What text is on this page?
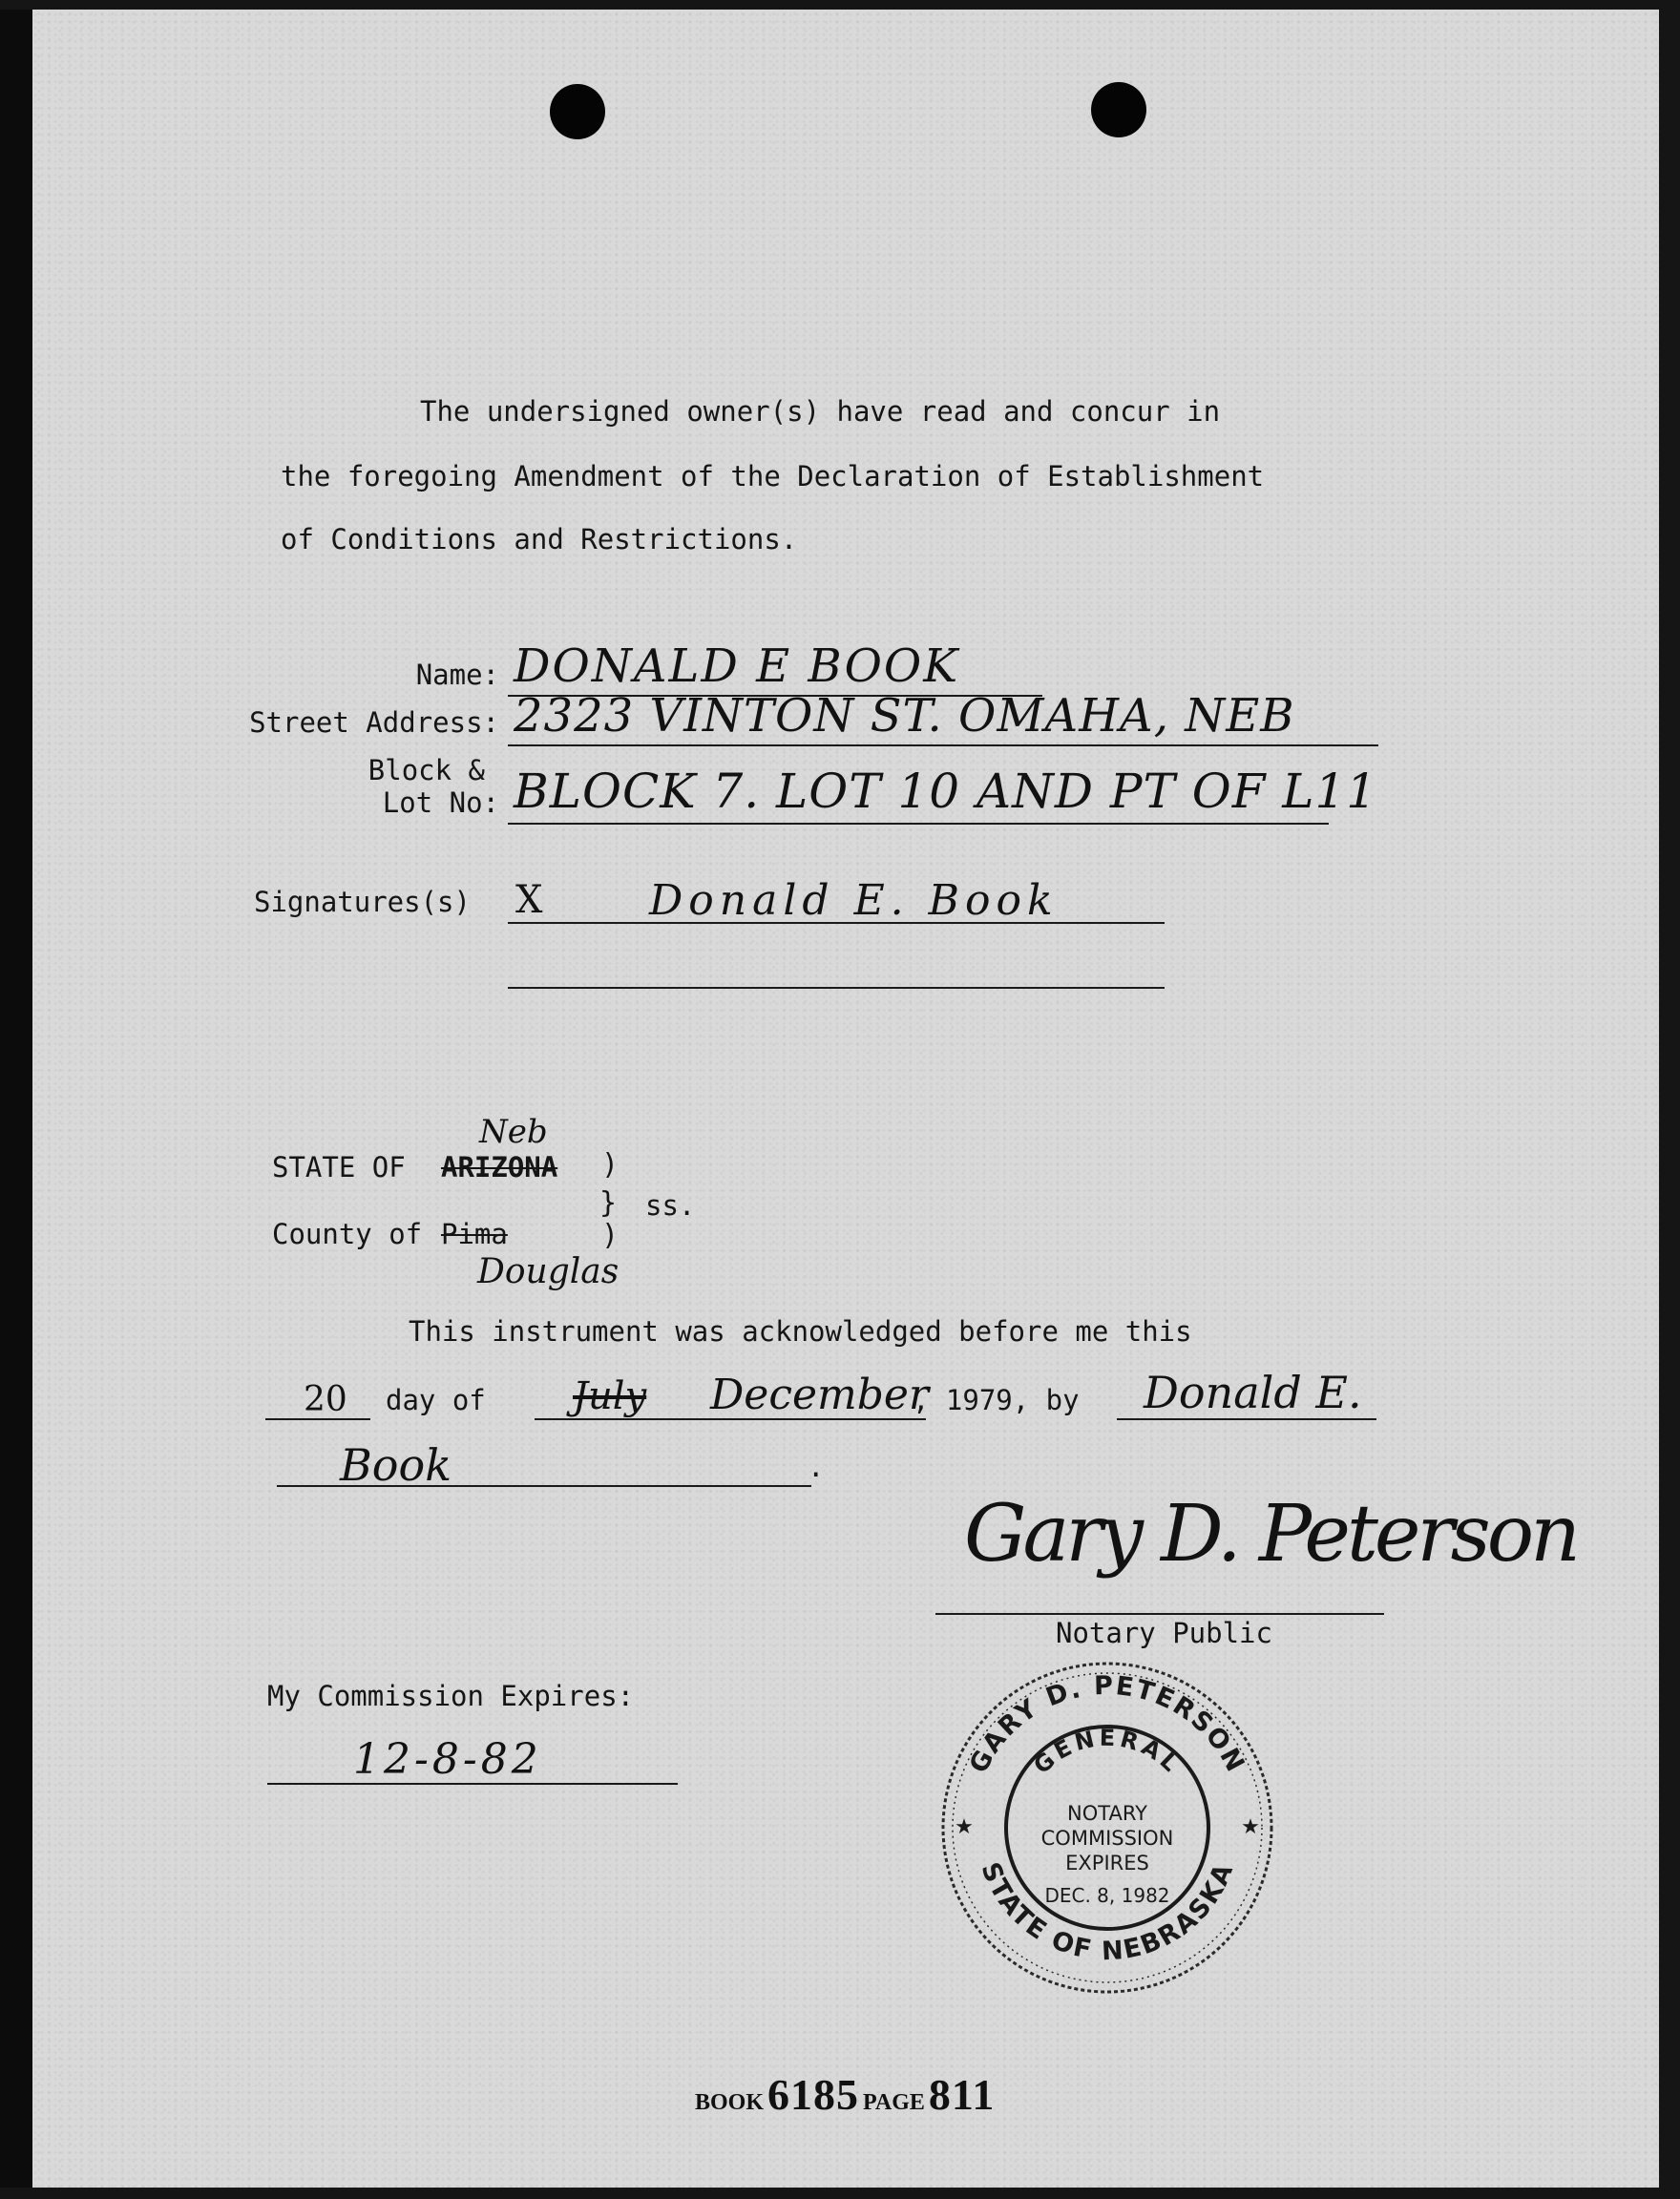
The undersigned owner(s) have read and concur in
the foregoing Amendment of the Declaration of Establishment
of Conditions and Restrictions.
Name: DONALD E BOOK
Street Address: 2323 VINTON ST. OMAHA, NEB
Block &
Lot No: BLOCK 7. LOT 10 AND PT OF L11
Signatures(s) X	Donald E. Book
Neb
STATE OF ARIZONA )
}
)
ss.
County of Pima
Douglas
This instrument was acknowledged before me this
20 day of July December
, 1979, by Donald E.
Book	.
Gary D. Peterson
Notary Public
My Commission Expires:
12-8-82	GARY D. PETERSON
STATE OF NEBRASKA
GENERAL
NOTARY
COMMISSION
EXPIRES
DEC. 8, 1982
★	★
BOOK 6185 PAGE 811
